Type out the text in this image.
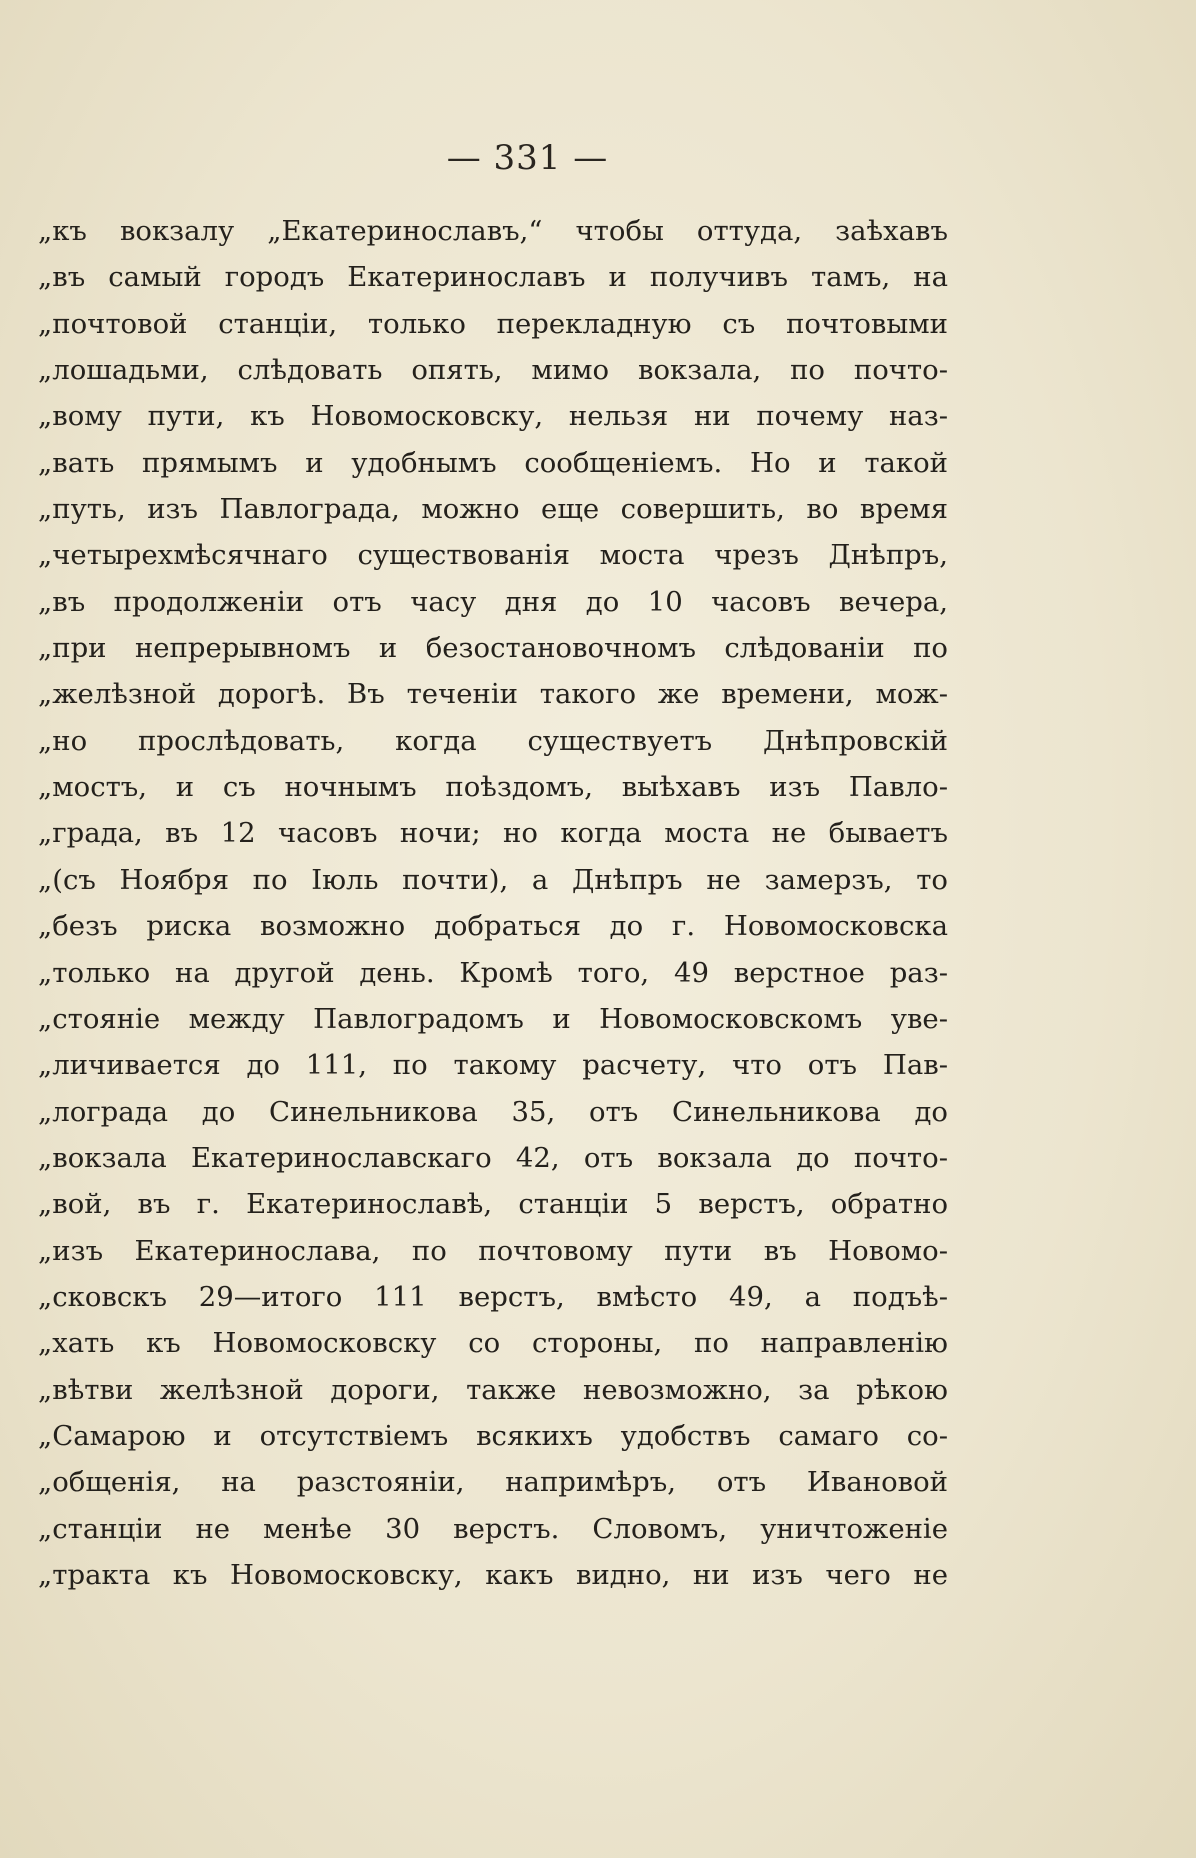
— 331 —
„къ вокзалу „Екатеринославъ,“ чтобы оттуда, заѣхавъ
„въ самый городъ Екатеринославъ и получивъ тамъ, на
„почтовой станціи, только перекладную съ почтовыми
„лошадьми, слѣдовать опять, мимо вокзала, по почто-
„вому пути, къ Новомосковску, нельзя ни почему наз-
„вать прямымъ и удобнымъ сообщеніемъ. Но и такой
„путь, изъ Павлограда, можно еще совершить, во время
„четырехмѣсячнаго существованія моста чрезъ Днѣпръ,
„въ продолженіи отъ часу дня до 10 часовъ вечера,
„при непрерывномъ и безостановочномъ слѣдованіи по
„желѣзной дорогѣ. Въ теченіи такого же времени, мож-
„но прослѣдовать, когда существуетъ Днѣпровскій
„мостъ, и съ ночнымъ поѣздомъ, выѣхавъ изъ Павло-
„града, въ 12 часовъ ночи; но когда моста не бываетъ
„(съ Ноября по Іюль почти), а Днѣпръ не замерзъ, то
„безъ риска возможно добраться до г. Новомосковска
„только на другой день. Кромѣ того, 49 верстное раз-
„стояніе между Павлоградомъ и Новомосковскомъ уве-
„личивается до 111, по такому расчету, что отъ Пав-
„лограда до Синельникова 35, отъ Синельникова до
„вокзала Екатеринославскаго 42, отъ вокзала до почто-
„вой, въ г. Екатеринославѣ, станціи 5 верстъ, обратно
„изъ Екатеринослава, по почтовому пути въ Новомо-
„сковскъ 29—итого 111 верстъ, вмѣсто 49, а подъѣ-
„хать къ Новомосковску со стороны, по направленію
„вѣтви желѣзной дороги, также невозможно, за рѣкою
„Самарою и отсутствіемъ всякихъ удобствъ самаго со-
„общенія, на разстояніи, напримѣръ, отъ Ивановой
„станціи не менѣе 30 верстъ. Словомъ, уничтоженіе
„тракта къ Новомосковску, какъ видно, ни изъ чего не
